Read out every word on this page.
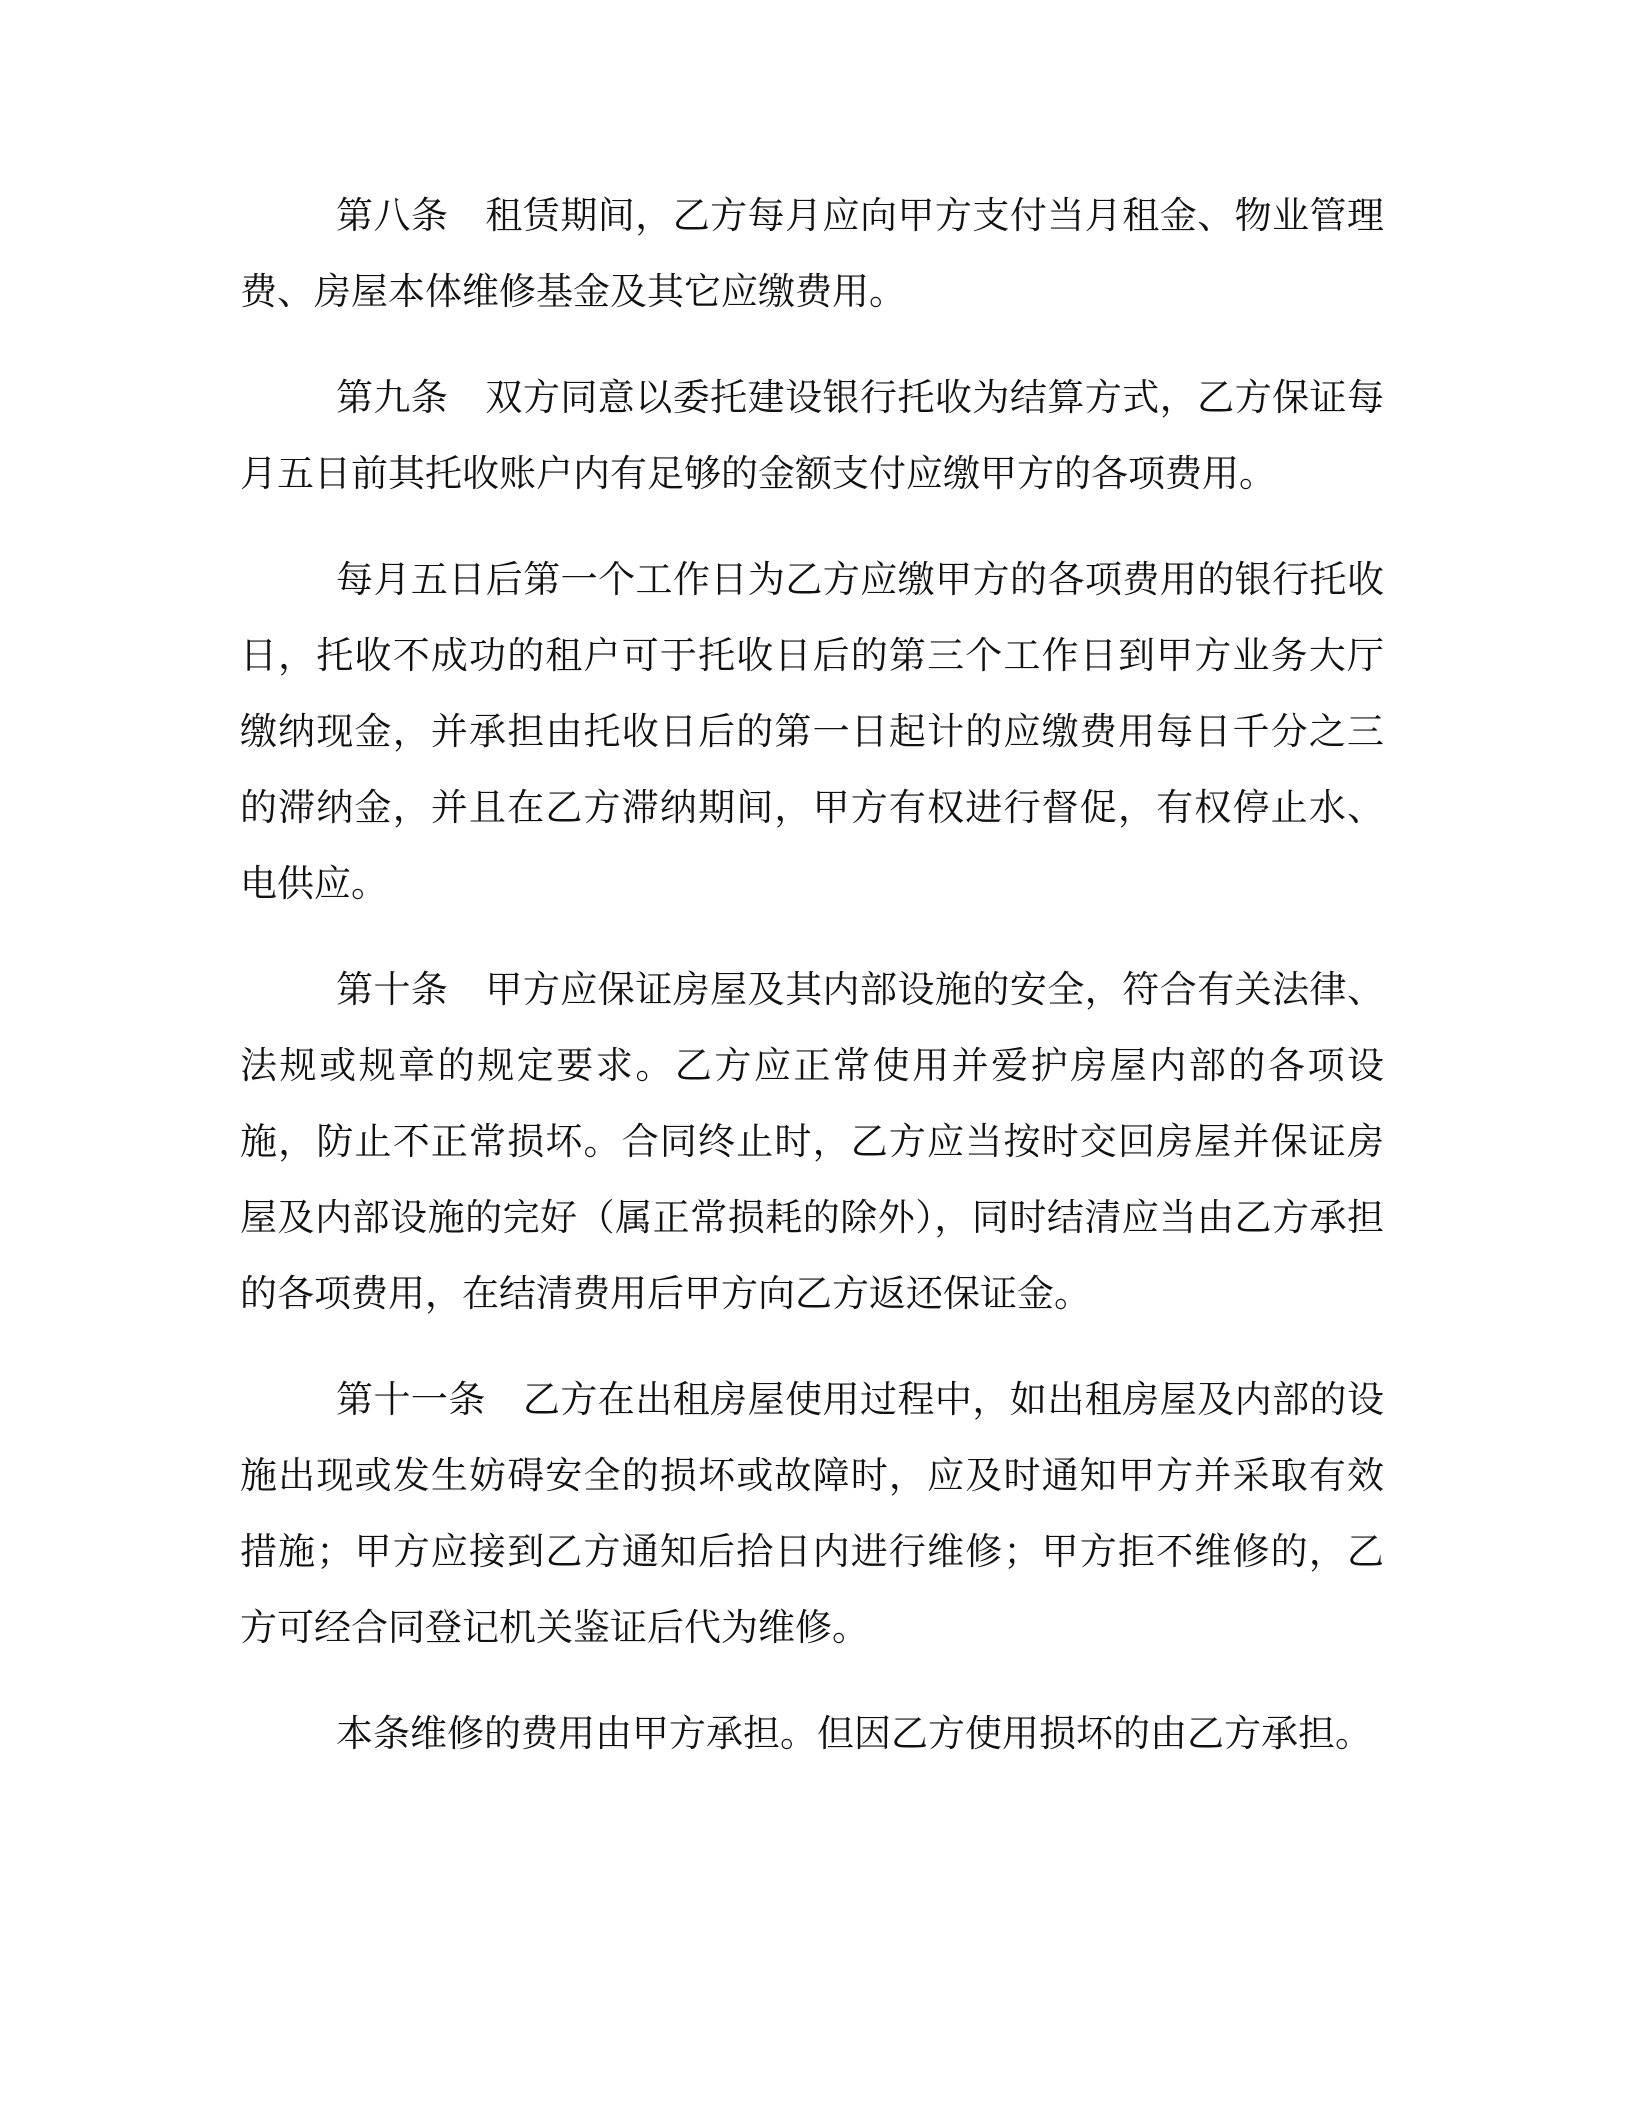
第八条 租赁期间，乙方每月应向甲方支付当月租金、物业管理费、房屋本体维修基金及其它应缴费用。

第九条 双方同意以委托建设银行托收为结算方式，乙方保证每月五日前其托收账户内有足够的金额支付应缴甲方的各项费用。

每月五日后第一个工作日为乙方应缴甲方的各项费用的银行托收日，托收不成功的租户可于托收日后的第三个工作日到甲方业务大厅缴纳现金，并承担由托收日后的第一日起计的应缴费用每日千分之三的滞纳金，并且在乙方滞纳期间，甲方有权进行督促，有权停止水、电供应。

第十条 甲方应保证房屋及其内部设施的安全，符合有关法律、法规或规章的规定要求。乙方应正常使用并爱护房屋内部的各项设施，防止不正常损坏。合同终止时，乙方应当按时交回房屋并保证房屋及内部设施的完好（属正常损耗的除外），同时结清应当由乙方承担的各项费用，在结清费用后甲方向乙方返还保证金。

第十一条 乙方在出租房屋使用过程中，如出租房屋及内部的设施出现或发生妨碍安全的损坏或故障时，应及时通知甲方并采取有效措施；甲方应接到乙方通知后拾日内进行维修；甲方拒不维修的，乙方可经合同登记机关鉴证后代为维修。

本条维修的费用由甲方承担。但因乙方使用损坏的由乙方承担。
